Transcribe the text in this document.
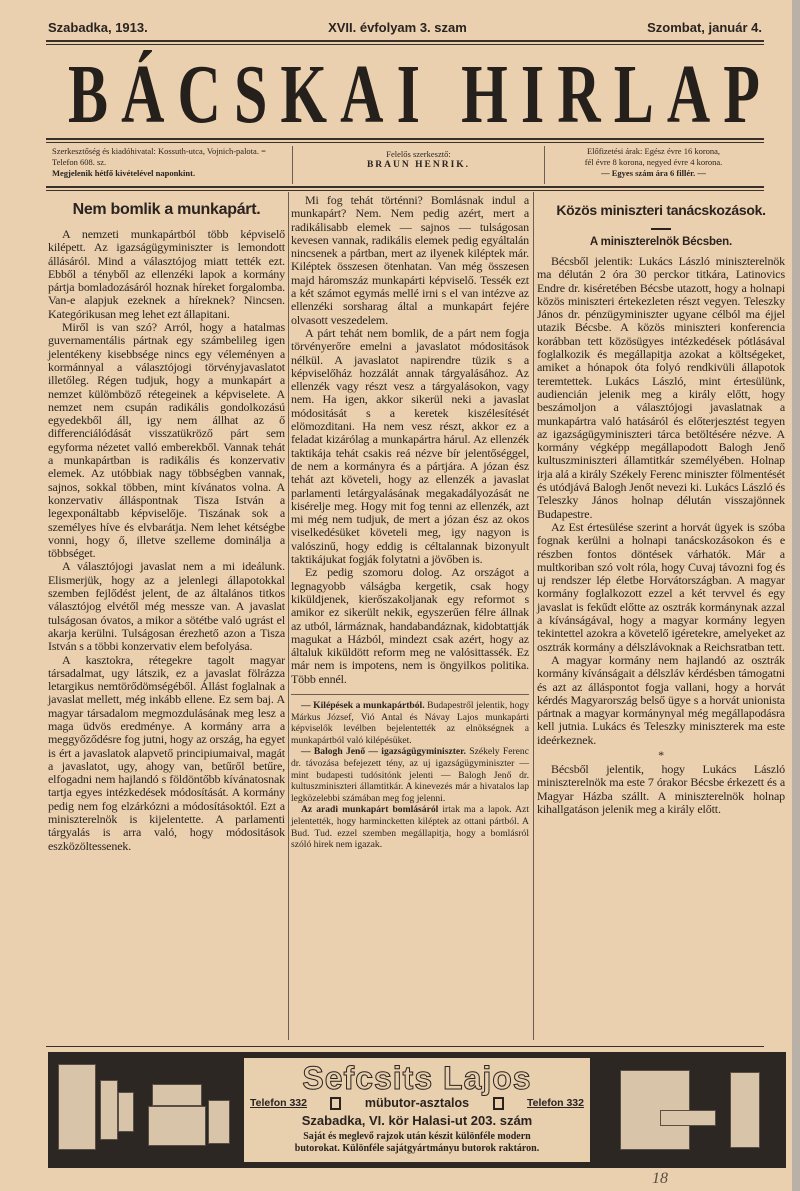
Szabadka, 1913.	XVII. évfolyam 3. szam	Szombat, január 4.
B Á C S K A I
H I R L A P
Szerkesztőség és kiadóhivatal: Kossuth-utca, Vojnich-palota. = Telefon 608. sz.
Megjelenik hétfő kivételével naponkint.
Felelős szerkesztő:
BRAUN HENRIK.
Előfizetési árak: Egész évre 16 korona,
fél évre 8 korona, negyed évre 4 korona.
— Egyes szám ára 6 fillér. —
Nem bomlik a munkapárt.

A nemzeti munkapártból több képviselő kilépett. Az igazságügyminiszter is lemondott állásáról. Mind a választójog miatt tették ezt. Ebből a tényből az ellenzéki lapok a kormány pártja bomladozásáról hoznak híreket forgalomba. Van-e alapjuk ezeknek a híreknek? Nincsen. Kategórikusan meg lehet ezt állapitani.

Miről is van szó? Arról, hogy a hatalmas guvernamentális pártnak egy számbelileg igen jelentékeny kisebbsége nincs egy véleményen a kormánnyal a választójogi törvényjavaslatot illetőleg. Régen tudjuk, hogy a munkapárt a nemzet külömböző rétegeinek a képviselete. A nemzet nem csupán radikális gondolkozású egyedekből áll, igy nem állhat az ő differenciálódását visszatükröző párt sem egyforma nézetet valló emberekből. Vannak tehát a munkapártban is radikális és konzervativ elemek. Az utóbbiak nagy többségben vannak, sajnos, sokkal többen, mint kívánatos volna. A konzervativ álláspontnak Tisza István a legexponáltabb képviselője. Tiszának sok a személyes híve és elvbarátja. Nem lehet kétségbe vonni, hogy ő, illetve szelleme dominálja a többséget.

A választójogi javaslat nem a mi ideálunk. Elismerjük, hogy az a jelenlegi állapotokkal szemben fejlődést jelent, de az általános titkos választójog elvétől még messze van. A javaslat tulságosan óvatos, a mikor a sötétbe való ugrást el akarja kerülni. Tulságosan érezhető azon a Tisza István s a többi konzervativ elem befolyása.

A kasztokra, rétegekre tagolt magyar társadalmat, ugy látszik, ez a javaslat fölrázza letargikus nemtörődömségéből. Állást foglalnak a javaslat mellett, még inkább ellene. Ez sem baj. A magyar társadalom megmozdulásának meg lesz a maga üdvös eredménye. A kormány arra a meggyőződésre fog jutni, hogy az ország, ha egyet is ért a javaslatok alapvető principiumaival, magát a javaslatot, ugy, ahogy van, betűről betűre, elfogadni nem hajlandó s földöntőbb kívánatosnak tartja egyes intézkedések módosítását. A kormány pedig nem fog elzárkózni a módosításoktól. Ezt a miniszterelnök is kijelentette. A parlamenti tárgyalás is arra való, hogy módositások eszközöltessenek.

Mi fog tehát történni? Bomlásnak indul a munkapárt? Nem. Nem pedig azért, mert a radikálisabb elemek — sajnos — tulságosan kevesen vannak, radikális elemek pedig egyáltalán nincsenek a pártban, mert az ilyenek kiléptek már. Kiléptek összesen ötenhatan. Van még összesen majd háromszáz munkapárti képviselő. Tessék ezt a két számot egymás mellé irni s el van intézve az ellenzéki sorsharag által a munkapárt fejére olvasott veszedelem.

A párt tehát nem bomlik, de a párt nem fogja törvényerőre emelni a javaslatot módositások nélkül. A javaslatot napirendre tüzik s a képviselőház hozzálát annak tárgyalásához. Az ellenzék vagy részt vesz a tárgyalásokon, vagy nem. Ha igen, akkor sikerül neki a javaslat módositását s a keretek kiszélesítését elömozditani. Ha nem vesz részt, akkor ez a feladat kizárólag a munkapártra hárul. Az ellenzék taktikája tehát csakis reá nézve bír jelentőséggel, de nem a kormányra és a pártjára. A józan ész tehát azt követeli, hogy az ellenzék a javaslat parlamenti letárgyalásának megakadályozását ne kisérelje meg. Hogy mit fog tenni az ellenzék, azt mi még nem tudjuk, de mert a józan ész az okos viselkedésüket követeli meg, igy nagyon is valószinű, hogy eddig is céltalannak bizonyult taktikájukat fogják folytatni a jövőben is.

Ez pedig szomoru dolog. Az országot a legnagyobb válságba kergetik, csak hogy kiküldjenek, kierőszakoljanak egy reformot s amikor ez sikerült nekik, egyszerűen félre állnak az utból, lármáznak, handabandáznak, kidobtattják magukat a Házból, mindezt csak azért, hogy az általuk kiküldött reform meg ne valósittassék. Ez már nem is impotens, nem is öngyilkos politika. Több ennél.

— Kilépések a munkapártból. Budapestről jelentik, hogy Márkus József, Vió Antal és Návay Lajos munkapárti képviselők levélben bejelentették az elnökségnek a munkapártból való kilépésüket.

— Balogh Jenő — igazságügyminiszter. Székely Ferenc dr. távozása befejezett tény, az uj igazságügyminiszter — mint budapesti tudósitónk jelenti — Balogh Jenő dr. kultuszminiszteri államtitkár. A kinevezés már a hivatalos lap legközelebbi számában meg fog jelenni.

Az aradi munkapárt bomlásáról irtak ma a lapok. Azt jelentették, hogy harmincketten kiléptek az ottani pártból. A Bud. Tud. ezzel szemben megállapitja, hogy a bomlásról szóló hirek nem igazak.

Közös miniszteri tanácskozások.
A miniszterelnök Bécsben.

Bécsből jelentik: Lukács László miniszterelnök ma délután 2 óra 30 perckor titkára, Latinovics Endre dr. kiséretében Bécsbe utazott, hogy a holnapi közös miniszteri értekezleten részt vegyen. Teleszky János dr. pénzügyminiszter ugyane célból ma éjjel utazik Bécsbe. A közös miniszteri konferencia korábban tett közösügyes intézkedések pótlásával foglalkozik és megállapitja azokat a költségeket, amiket a hónapok óta folyó rendkivüli állapotok teremtettek. Lukács László, mint értesülünk, audiencián jelenik meg a király előtt, hogy beszámoljon a választójogi javaslatnak a munkapártra való hatásáról és előterjesztést tegyen az igazságügyminiszteri tárca betöltésére nézve. A kormány végképp megállapodott Balogh Jenő kultuszminiszteri államtitkár személyében. Holnap irja alá a király Székely Ferenc miniszter fölmentését és utódjává Balogh Jenőt nevezi ki. Lukács László és Teleszky János holnap délután visszajönnek Budapestre.

Az Est értesülése szerint a horvát ügyek is szóba fognak kerülni a holnapi tanácskozásokon és e részben fontos döntések várhatók. Már a multkoriban szó volt róla, hogy Cuvaj távozni fog és uj rendszer lép életbe Horvátországban. A magyar kormány foglalkozott ezzel a két tervvel és egy javaslat is fekűdt előtte az osztrák kormánynak azzal a kívánságával, hogy a magyar kormány legyen tekintettel azokra a követelő igéretekre, amelyeket az osztrák kormány a délszlávoknak a Reichsratban tett.

A magyar kormány nem hajlandó az osztrák kormány kívánságait a délszláv kérdésben támogatni és azt az álláspontot fogja vallani, hogy a horvát kérdés Magyarország belső ügye s a horvát unionista pártnak a magyar kormánynyal még megállapodásra kell jutnia. Lukács és Teleszky miniszterek ma este ideérkeznek.

*

Bécsből jelentik, hogy Lukács László miniszterelnök ma este 7 órakor Bécsbe érkezett és a Magyar Házba szállt. A miniszterelnök holnap kihallgatáson jelenik meg a király előtt.

Sefcsits Lajos
Telefon 332	mübutor-asztalos	Telefon 332
Szabadka, VI. kör Halasi-ut 203. szám
Saját és meglevő rajzok után készit különféle modern
butorokat. Különféle sajátgyártmányu butorok raktáron.
18
